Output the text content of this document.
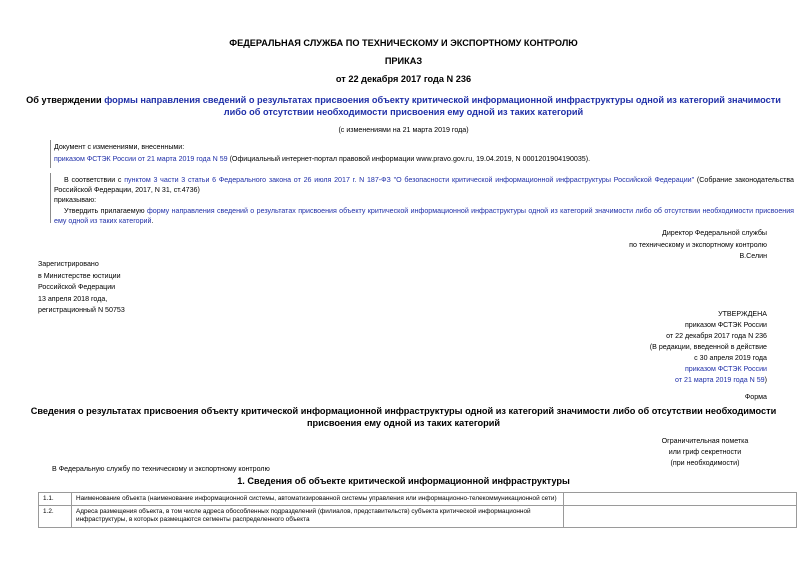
ФЕДЕРАЛЬНАЯ СЛУЖБА ПО ТЕХНИЧЕСКОМУ И ЭКСПОРТНОМУ КОНТРОЛЮ
ПРИКАЗ
от 22 декабря 2017 года N 236
Об утверждении формы направления сведений о результатах присвоения объекту критической информационной инфраструктуры одной из категорий значимости
либо об отсутствии необходимости присвоения ему одной из таких категорий
(с изменениями на 21 марта 2019 года)
Документ с изменениями, внесенными:
приказом ФСТЭК России от 21 марта 2019 года N 59 (Официальный интернет-портал правовой информации www.pravo.gov.ru, 19.04.2019, N 0001201904190035).
В соответствии с пунктом 3 части 3 статьи 6 Федерального закона от 26 июля 2017 г. N 187-ФЗ "О безопасности критической информационной инфраструктуры Российской Федерации" (Собрание законодательства Российской Федерации, 2017, N 31, ст.4736)
приказываю:
Утвердить прилагаемую форму направления сведений о результатах присвоения объекту критической информационной инфраструктуры одной из категорий значимости либо об отсутствии необходимости присвоения ему одной из таких категорий.
Директор Федеральной службы
по техническому и экспортному контролю
В.Селин
Зарегистрировано
в Министерстве юстиции
Российской Федерации
13 апреля 2018 года,
регистрационный N 50753	УТВЕРЖДЕНА
приказом ФСТЭК России
от 22 декабря 2017 года N 236
(В редакции, введенной в действие
с 30 апреля 2019 года
приказом ФСТЭК России
от 21 марта 2019 года N 59)
Форма
Сведения о результатах присвоения объекту критической информационной инфраструктуры одной из категорий значимости либо об отсутствии необходимости
присвоения ему одной из таких категорий
Ограничительная пометка
или гриф секретности
(при необходимости)
В Федеральную службу по техническому и экспортному контролю
1. Сведения об объекте критической информационной инфраструктуры
1.1.	Наименование объекта (наименование информационной системы, автоматизированной системы управления или информационно-телекоммуникационной сети)	
1.2.	Адреса размещения объекта, в том числе адреса обособленных подразделений (филиалов, представительств) субъекта критической информационной инфраструктуры, в которых размещаются сегменты распределенного объекта	
